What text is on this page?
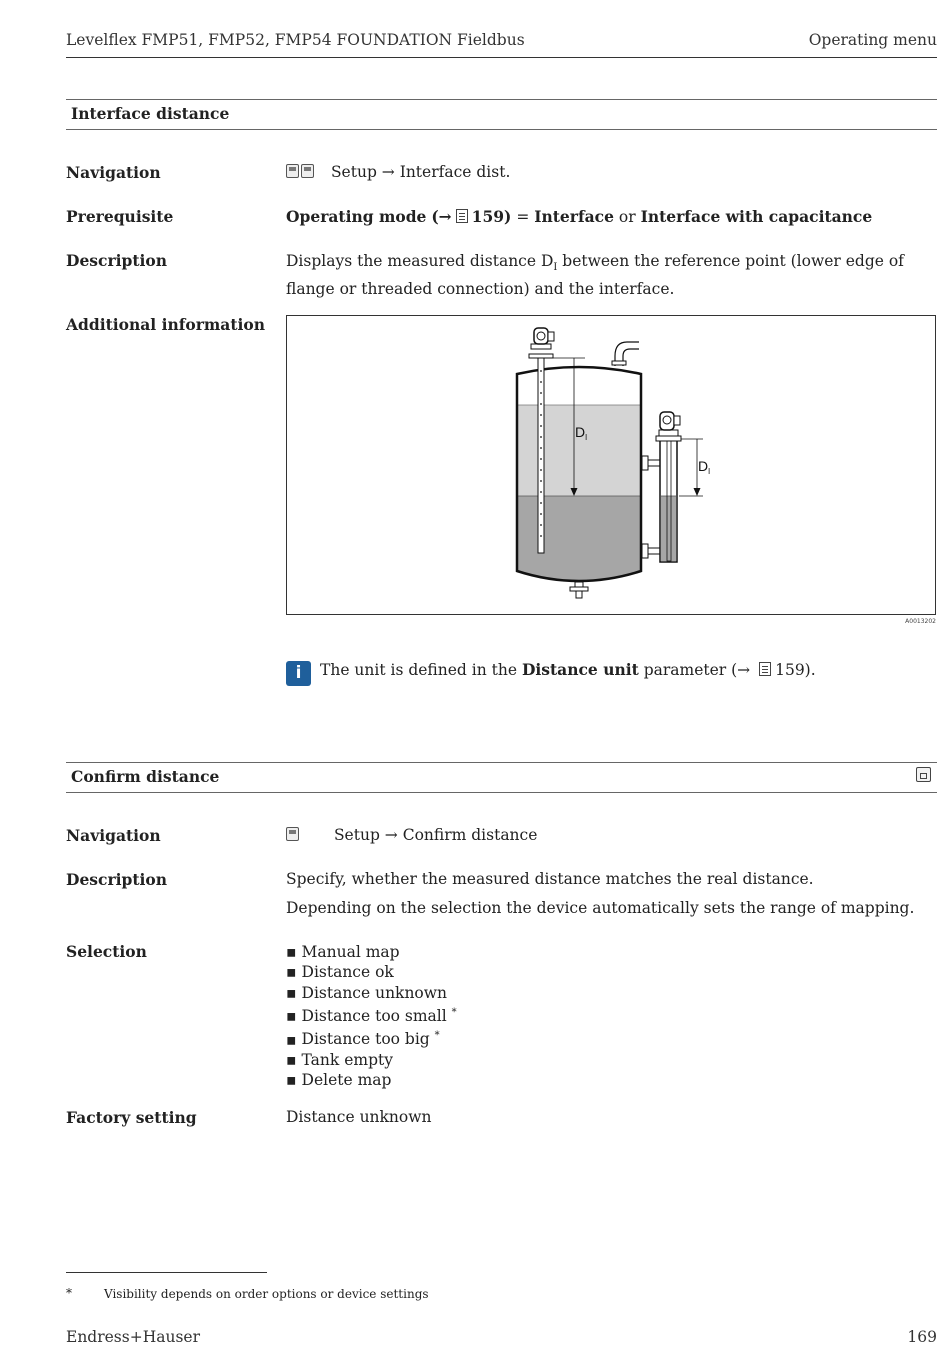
Levelflex FMP51, FMP52, FMP54 FOUNDATION Fieldbus	Operating menu
Interface distance
Navigation	Setup → Interface dist.
Prerequisite	Operating mode (→ 159) = Interface or Interface with capacitance
Description	Displays the measured distance $D_I$ between the reference point (lower edge of flange or threaded connection) and the interface.
Additional information
D I
D I
A0013202
i	The unit is defined in the Distance unit parameter (→ 159).
Confirm distance
Navigation	Setup → Confirm distance
Description	Specify, whether the measured distance matches the real distance.
Depending on the selection the device automatically sets the range of mapping.
Selection
▪	Manual map
▪ Distance ok
▪ Distance unknown
▪ Distance too small *
▪ Distance too big *
▪ Tank empty
▪ Delete map
Factory setting	Distance unknown
*	Visibility depends on order options or device settings
Endress+Hauser	169
